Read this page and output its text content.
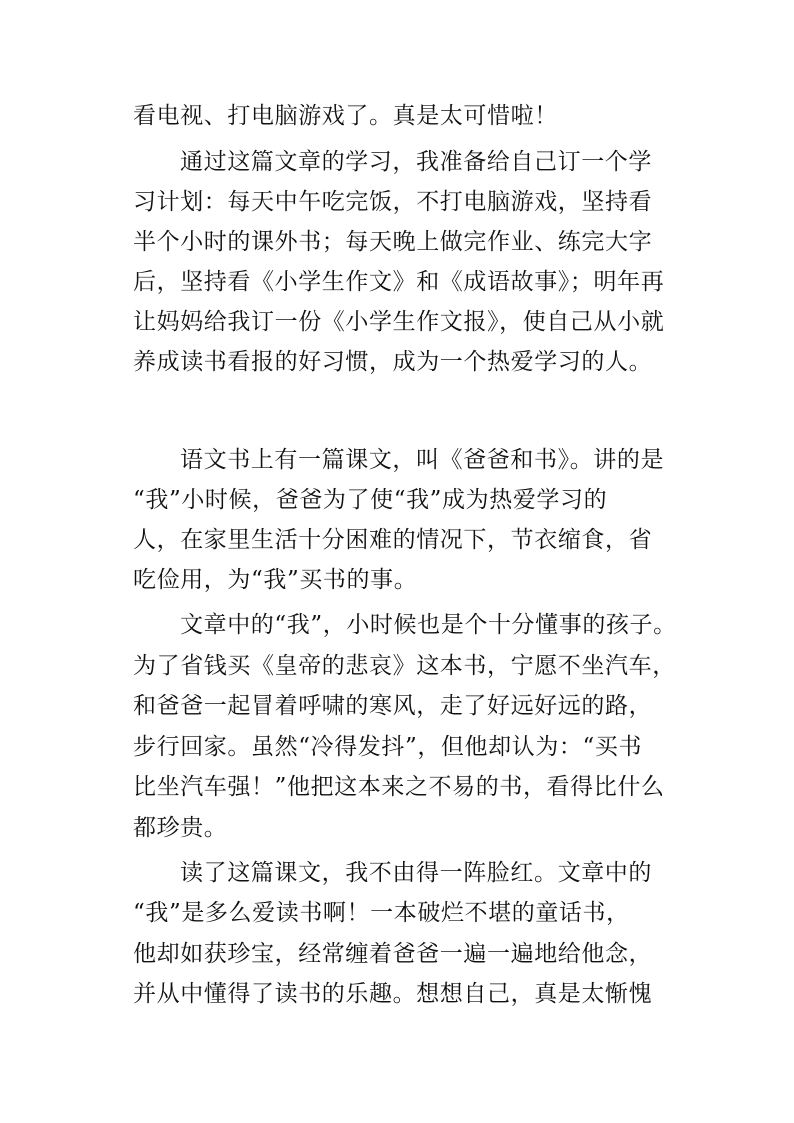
看电视、打电脑游戏了。真是太可惜啦！
通过这篇文章的学习，我准备给自己订一个学
习计划：每天中午吃完饭，不打电脑游戏，坚持看
半个小时的课外书；每天晚上做完作业、练完大字
后，坚持看《小学生作文》和《成语故事》；明年再
让妈妈给我订一份《小学生作文报》，使自己从小就
养成读书看报的好习惯，成为一个热爱学习的人。
语文书上有一篇课文，叫《爸爸和书》。讲的是
“我”小时候，爸爸为了使“我”成为热爱学习的
人，在家里生活十分困难的情况下，节衣缩食，省
吃俭用，为“我”买书的事。
文章中的“我”，小时候也是个十分懂事的孩子。
为了省钱买《皇帝的悲哀》这本书，宁愿不坐汽车，
和爸爸一起冒着呼啸的寒风，走了好远好远的路，
步行回家。虽然“冷得发抖”，但他却认为：“买书
比坐汽车强！”他把这本来之不易的书，看得比什么
都珍贵。
读了这篇课文，我不由得一阵脸红。文章中的
“我”是多么爱读书啊！一本破烂不堪的童话书，
他却如获珍宝，经常缠着爸爸一遍一遍地给他念，
并从中懂得了读书的乐趣。想想自己，真是太惭愧
